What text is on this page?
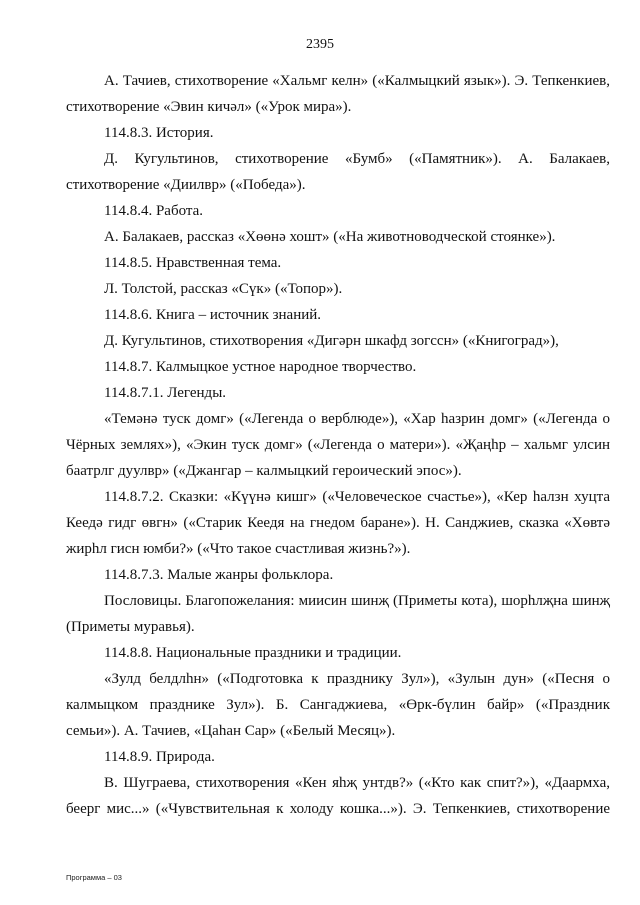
2395

А. Тачиев, стихотворение «Хальмг келн» («Калмыцкий язык»). Э. Тепкенкиев, стихотворение «Эвин кичəл» («Урок мира»).

114.8.3. История.

Д. Кугультинов, стихотворение «Бумб» («Памятник»). А. Балакаев, стихотворение «Диилвр» («Победа»).

114.8.4. Работа.

А. Балакаев, рассказ «Хөөнə хошт» («На животноводческой стоянке»).

114.8.5. Нравственная тема.

Л. Толстой, рассказ «Сүк» («Топор»).

114.8.6. Книга – источник знаний.

Д. Кугультинов, стихотворения «Дигəрн шкафд зогссн» («Книгоград»),

114.8.7. Калмыцкое устное народное творчество.

114.8.7.1. Легенды.

«Темəнə туск домг» («Легенда о верблюде»), «Хар һазрин домг» («Легенда о Чёрных землях»), «Экин туск домг» («Легенда о матери»). «Җаңһр – хальмг улсин баатрлг дуулвр» («Джангар – калмыцкий героический эпос»).

114.8.7.2. Сказки: «Күүнə кишг» («Человеческое счастье»), «Кер һалзн хуцта Кеедə гидг өвгн» («Старик Кеедя на гнедом баране»). Н. Санджиев, сказка «Хөвтə жирһл гисн юмби?» («Что такое счастливая жизнь?»).

114.8.7.3. Малые жанры фольклора.

Пословицы. Благопожелания: миисин шинҗ (Приметы кота), шорһлҗна шинҗ (Приметы муравья).

114.8.8. Национальные праздники и традиции.

«Зулд белдлһн» («Подготовка к празднику Зул»), «Зулын дун» («Песня о калмыцком празднике Зул»). Б. Сангаджиева, «Өрк-бүлин байр» («Праздник семьи»). А. Тачиев, «Цаһан Сар» («Белый Месяц»).

114.8.9. Природа.

В. Шуграева, стихотворения «Кен яһҗ унтдв?» («Кто как спит?»), «Даармха, беерг мис...» («Чувствительная к холоду кошка...»). Э. Тепкенкиев, стихотворение

Программа – 03
